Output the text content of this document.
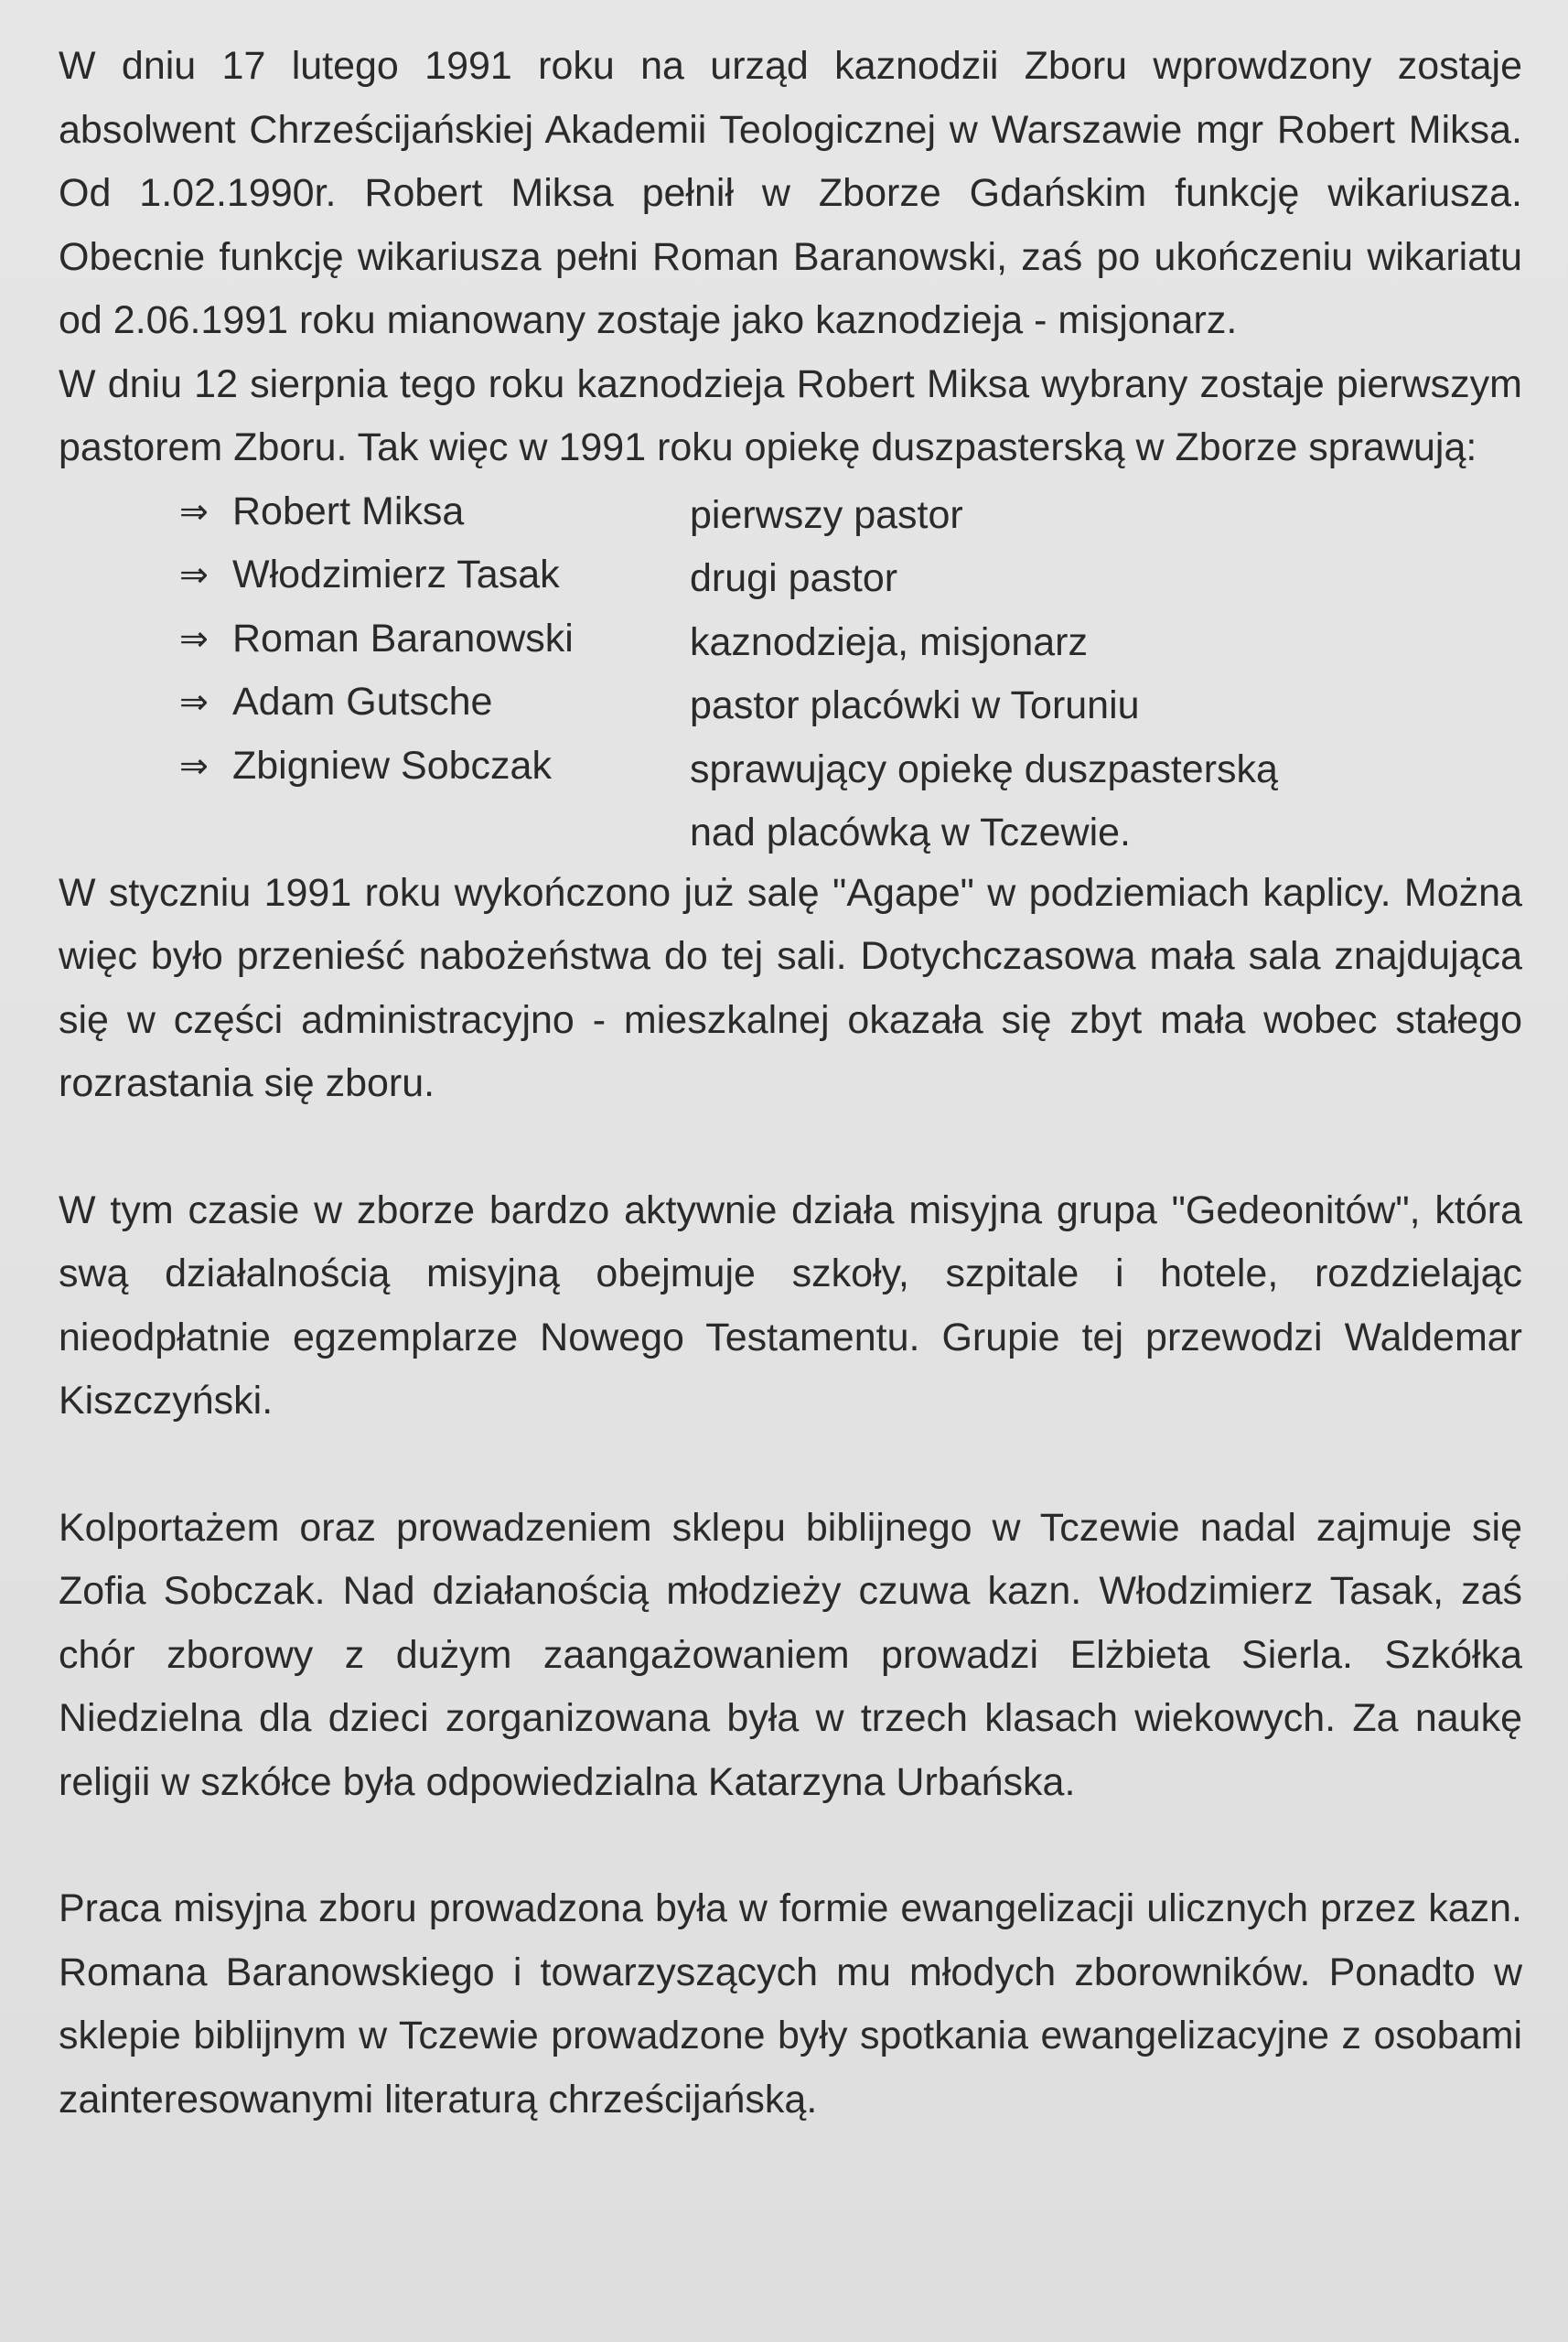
W dniu 17 lutego 1991 roku na urząd kaznodzii Zboru wprowdzony zostaje absolwent Chrześcijańskiej Akademii Teologicznej w Warszawie mgr Robert Miksa. Od 1.02.1990r. Robert Miksa pełnił w Zborze Gdańskim funkcję wikariusza. Obecnie funkcję wikariusza pełni Roman Baranowski, zaś po ukończeniu wikariatu od 2.06.1991 roku mianowany zostaje jako kaznodzieja - misjonarz.

W dniu 12 sierpnia tego roku kaznodzieja Robert Miksa wybrany zostaje pierwszym pastorem Zboru. Tak więc w 1991 roku opiekę duszpasterską w Zborze sprawują:

⇒ Robert Miksa	pierwszy pastor
⇒ Włodzimierz Tasak	drugi pastor
⇒ Roman Baranowski	kaznodzieja, misjonarz
⇒ Adam Gutsche	pastor placówki w Toruniu
⇒ Zbigniew Sobczak	sprawujący opiekę duszpasterską
nad placówką w Tczewie.

W styczniu 1991 roku wykończono już salę "Agape" w podziemiach kaplicy. Można więc było przenieść nabożeństwa do tej sali. Dotychczasowa mała sala znajdująca się w części administracyjno - mieszkalnej okazała się zbyt mała wobec stałego rozrastania się zboru.

W tym czasie w zborze bardzo aktywnie działa misyjna grupa "Gedeonitów", która swą działalnością misyjną obejmuje szkoły, szpitale i hotele, rozdzielając nieodpłatnie egzemplarze Nowego Testamentu. Grupie tej przewodzi Waldemar Kiszczyński.

Kolportażem oraz prowadzeniem sklepu biblijnego w Tczewie nadal zajmuje się Zofia Sobczak. Nad działanością młodzieży czuwa kazn. Włodzimierz Tasak, zaś chór zborowy z dużym zaangażowaniem prowadzi Elżbieta Sierla. Szkółka Niedzielna dla dzieci zorganizowana była w trzech klasach wiekowych. Za naukę religii w szkółce była odpowiedzialna Katarzyna Urbańska.

Praca misyjna zboru prowadzona była w formie ewangelizacji ulicznych przez kazn. Romana Baranowskiego i towarzyszących mu młodych zborowników. Ponadto w sklepie biblijnym w Tczewie prowadzone były spotkania ewangelizacyjne z osobami zainteresowanymi literaturą chrześcijańską.
